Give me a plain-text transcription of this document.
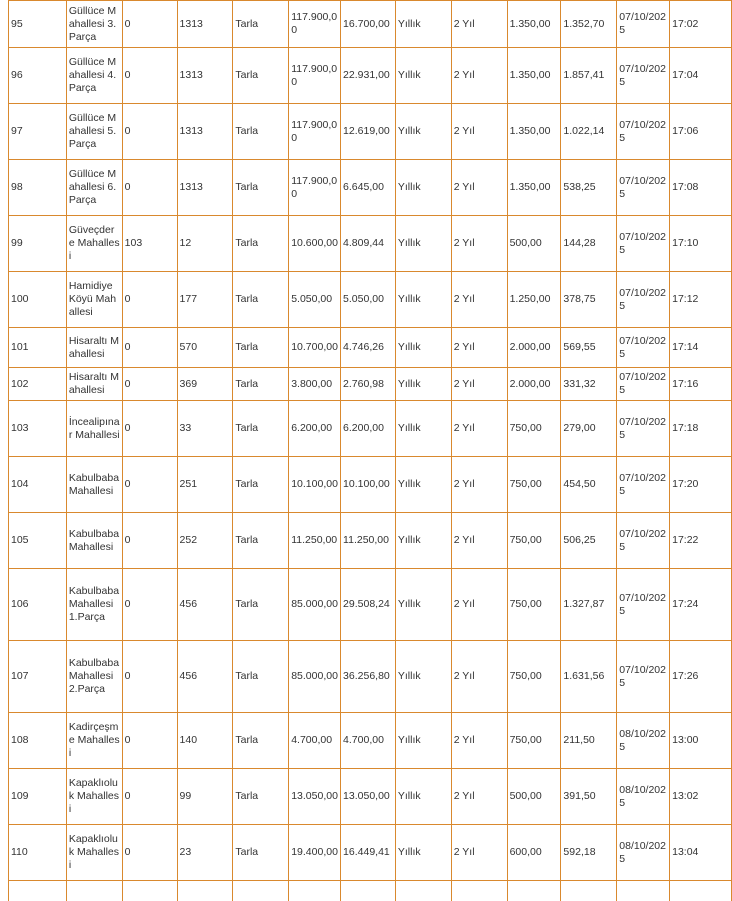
95	Güllüce Mahallesi 3.Parça	0	1313	Tarla	117.900,00	16.700,00	Yıllık	2 Yıl	1.350,00	1.352,70	07/10/2025	17:02
96	Güllüce Mahallesi 4.Parça	0	1313	Tarla	117.900,00	22.931,00	Yıllık	2 Yıl	1.350,00	1.857,41	07/10/2025	17:04
97	Güllüce Mahallesi 5.Parça	0	1313	Tarla	117.900,00	12.619,00	Yıllık	2 Yıl	1.350,00	1.022,14	07/10/2025	17:06
98	Güllüce Mahallesi 6.Parça	0	1313	Tarla	117.900,00	6.645,00	Yıllık	2 Yıl	1.350,00	538,25	07/10/2025	17:08
99	Güveçdere Mahallesi	103	12	Tarla	10.600,00	4.809,44	Yıllık	2 Yıl	500,00	144,28	07/10/2025	17:10
100	Hamidiye Köyü Mahallesi	0	177	Tarla	5.050,00	5.050,00	Yıllık	2 Yıl	1.250,00	378,75	07/10/2025	17:12
101	Hisaraltı Mahallesi	0	570	Tarla	10.700,00	4.746,26	Yıllık	2 Yıl	2.000,00	569,55	07/10/2025	17:14
102	Hisaraltı Mahallesi	0	369	Tarla	3.800,00	2.760,98	Yıllık	2 Yıl	2.000,00	331,32	07/10/2025	17:16
103	İncealipınar Mahallesi	0	33	Tarla	6.200,00	6.200,00	Yıllık	2 Yıl	750,00	279,00	07/10/2025	17:18
104	Kabulbaba Mahallesi	0	251	Tarla	10.100,00	10.100,00	Yıllık	2 Yıl	750,00	454,50	07/10/2025	17:20
105	Kabulbaba Mahallesi	0	252	Tarla	11.250,00	11.250,00	Yıllık	2 Yıl	750,00	506,25	07/10/2025	17:22
106	Kabulbaba Mahallesi 1.Parça	0	456	Tarla	85.000,00	29.508,24	Yıllık	2 Yıl	750,00	1.327,87	07/10/2025	17:24
107	Kabulbaba Mahallesi 2.Parça	0	456	Tarla	85.000,00	36.256,80	Yıllık	2 Yıl	750,00	1.631,56	07/10/2025	17:26
108	Kadirçeşme Mahallesi	0	140	Tarla	4.700,00	4.700,00	Yıllık	2 Yıl	750,00	211,50	08/10/2025	13:00
109	Kapaklıoluk Mahallesi	0	99	Tarla	13.050,00	13.050,00	Yıllık	2 Yıl	500,00	391,50	08/10/2025	13:02
110	Kapaklıoluk Mahallesi	0	23	Tarla	19.400,00	16.449,41	Yıllık	2 Yıl	600,00	592,18	08/10/2025	13:04
